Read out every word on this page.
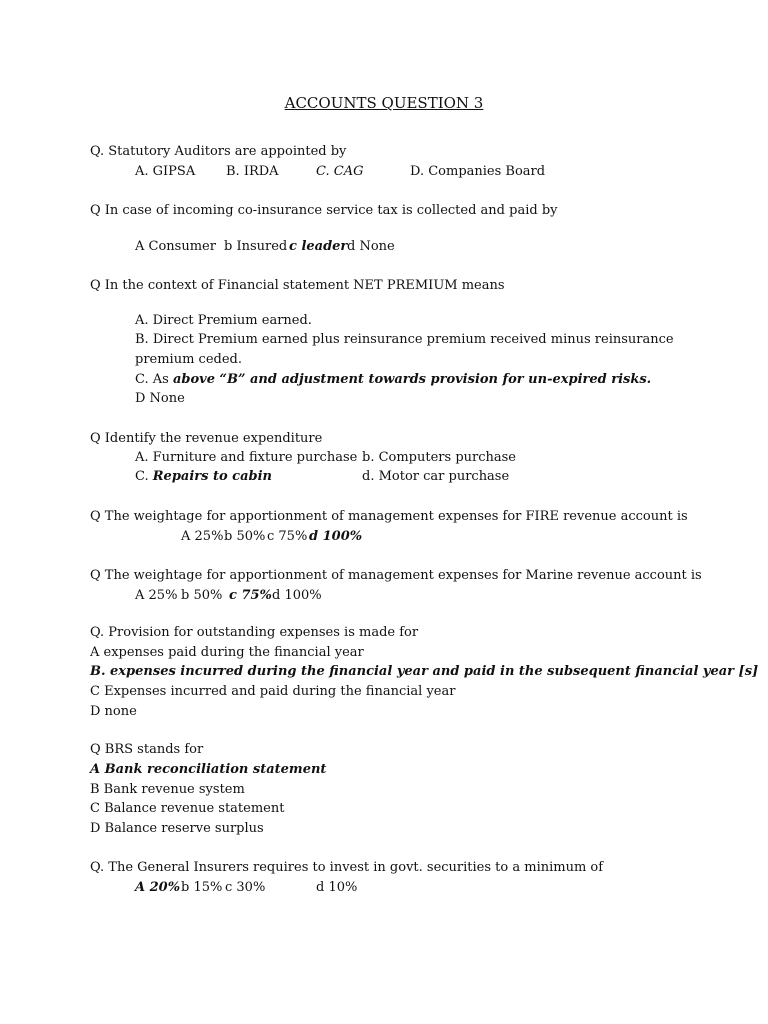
ACCOUNTS QUESTION 3
Q. Statutory Auditors are appointed by
A. GIPSA B. IRDA	C. CAG	D. Companies Board
Q In case of incoming co-insurance service tax is collected and paid by
A Consumer b Insured c leader d None
Q In the context of Financial statement NET PREMIUM means
A. Direct Premium earned.
B. Direct Premium earned plus reinsurance premium received minus reinsurance
premium ceded.
C. As above “B” and adjustment towards provision for un-expired risks.
D None
Q Identify the revenue expenditure
A. Furniture and fixture purchase b. Computers purchase
C. Repairs to cabin	d. Motor car purchase
Q The weightage for apportionment of management expenses for FIRE revenue account is
A 25% b 50% c 75% d 100%
Q The weightage for apportionment of management expenses for Marine revenue account is
A 25% b 50% c 75% d 100%
Q. Provision for outstanding expenses is made for
A expenses paid during the financial year
B. expenses incurred during the financial year and paid in the subsequent financial year [s]
C Expenses incurred and paid during the financial year
D none
Q BRS stands for
A Bank reconciliation statement
B Bank revenue system
C Balance revenue statement
D Balance reserve surplus
Q. The General Insurers requires to invest in govt. securities to a minimum of
A 20% b 15% c 30%	d 10%
